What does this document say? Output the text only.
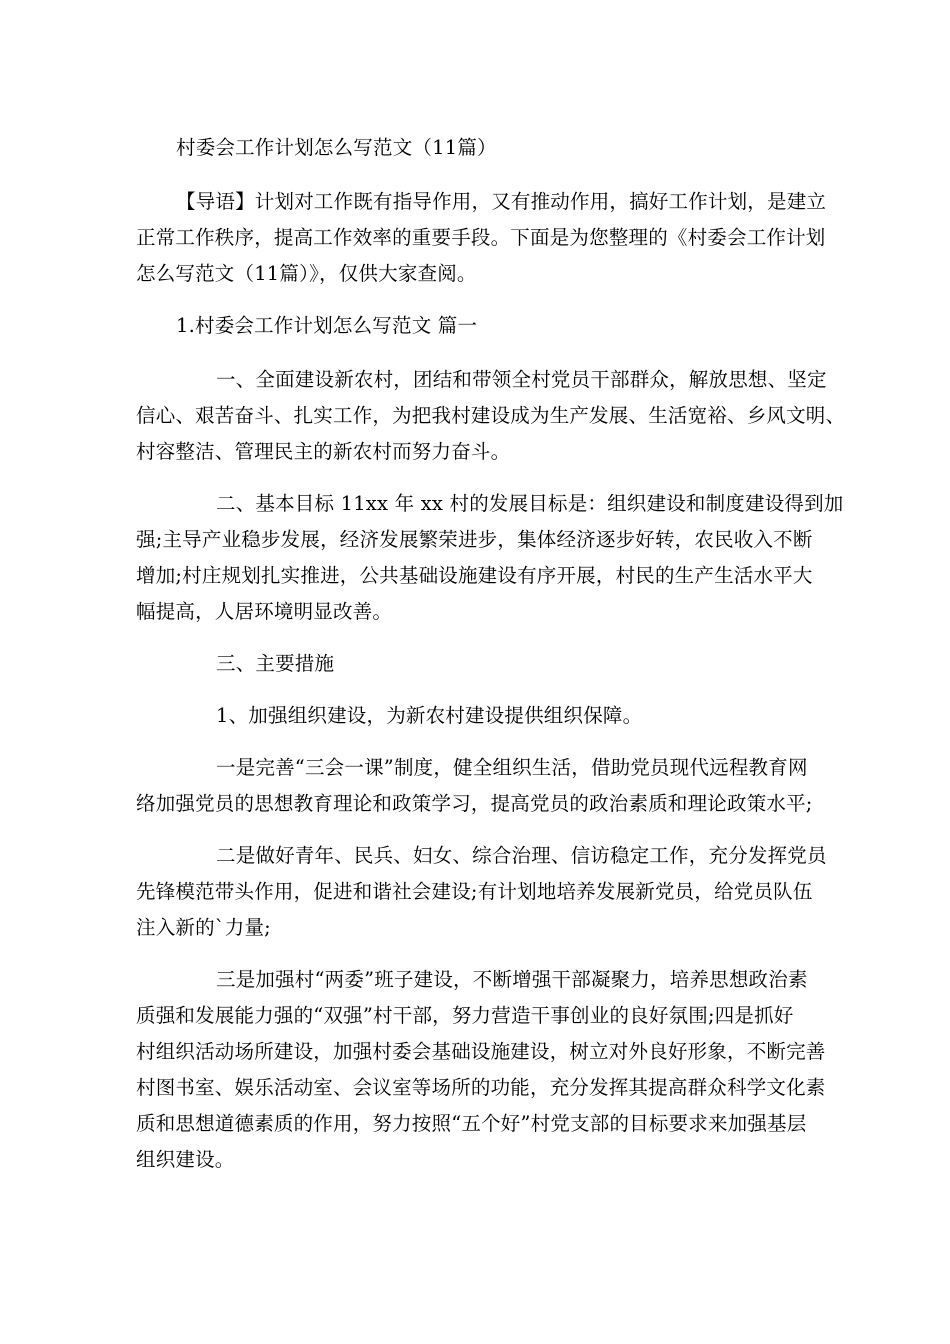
村委会工作计划怎么写范文（11篇）
【导语】计划对工作既有指导作用，又有推动作用，搞好工作计划，是建立
正常工作秩序，提高工作效率的重要手段。下面是为您整理的《村委会工作计划
怎么写范文（11篇）》，仅供大家查阅。
1.村委会工作计划怎么写范文 篇一
一、全面建设新农村，团结和带领全村党员干部群众，解放思想、坚定
信心、艰苦奋斗、扎实工作，为把我村建设成为生产发展、生活宽裕、乡风文明、
村容整洁、管理民主的新农村而努力奋斗。
二、基本目标 11xx 年 xx 村的发展目标是：组织建设和制度建设得到加
强;主导产业稳步发展，经济发展繁荣进步，集体经济逐步好转，农民收入不断
增加;村庄规划扎实推进，公共基础设施建设有序开展，村民的生产生活水平大
幅提高，人居环境明显改善。
三、主要措施
1、加强组织建设，为新农村建设提供组织保障。
一是完善“三会一课”制度，健全组织生活，借助党员现代远程教育网
络加强党员的思想教育理论和政策学习，提高党员的政治素质和理论政策水平;
二是做好青年、民兵、妇女、综合治理、信访稳定工作，充分发挥党员
先锋模范带头作用，促进和谐社会建设;有计划地培养发展新党员，给党员队伍
注入新的`力量;
三是加强村“两委”班子建设，不断增强干部凝聚力，培养思想政治素
质强和发展能力强的“双强”村干部，努力营造干事创业的良好氛围;四是抓好
村组织活动场所建设，加强村委会基础设施建设，树立对外良好形象，不断完善
村图书室、娱乐活动室、会议室等场所的功能，充分发挥其提高群众科学文化素
质和思想道德素质的作用，努力按照“五个好”村党支部的目标要求来加强基层
组织建设。
